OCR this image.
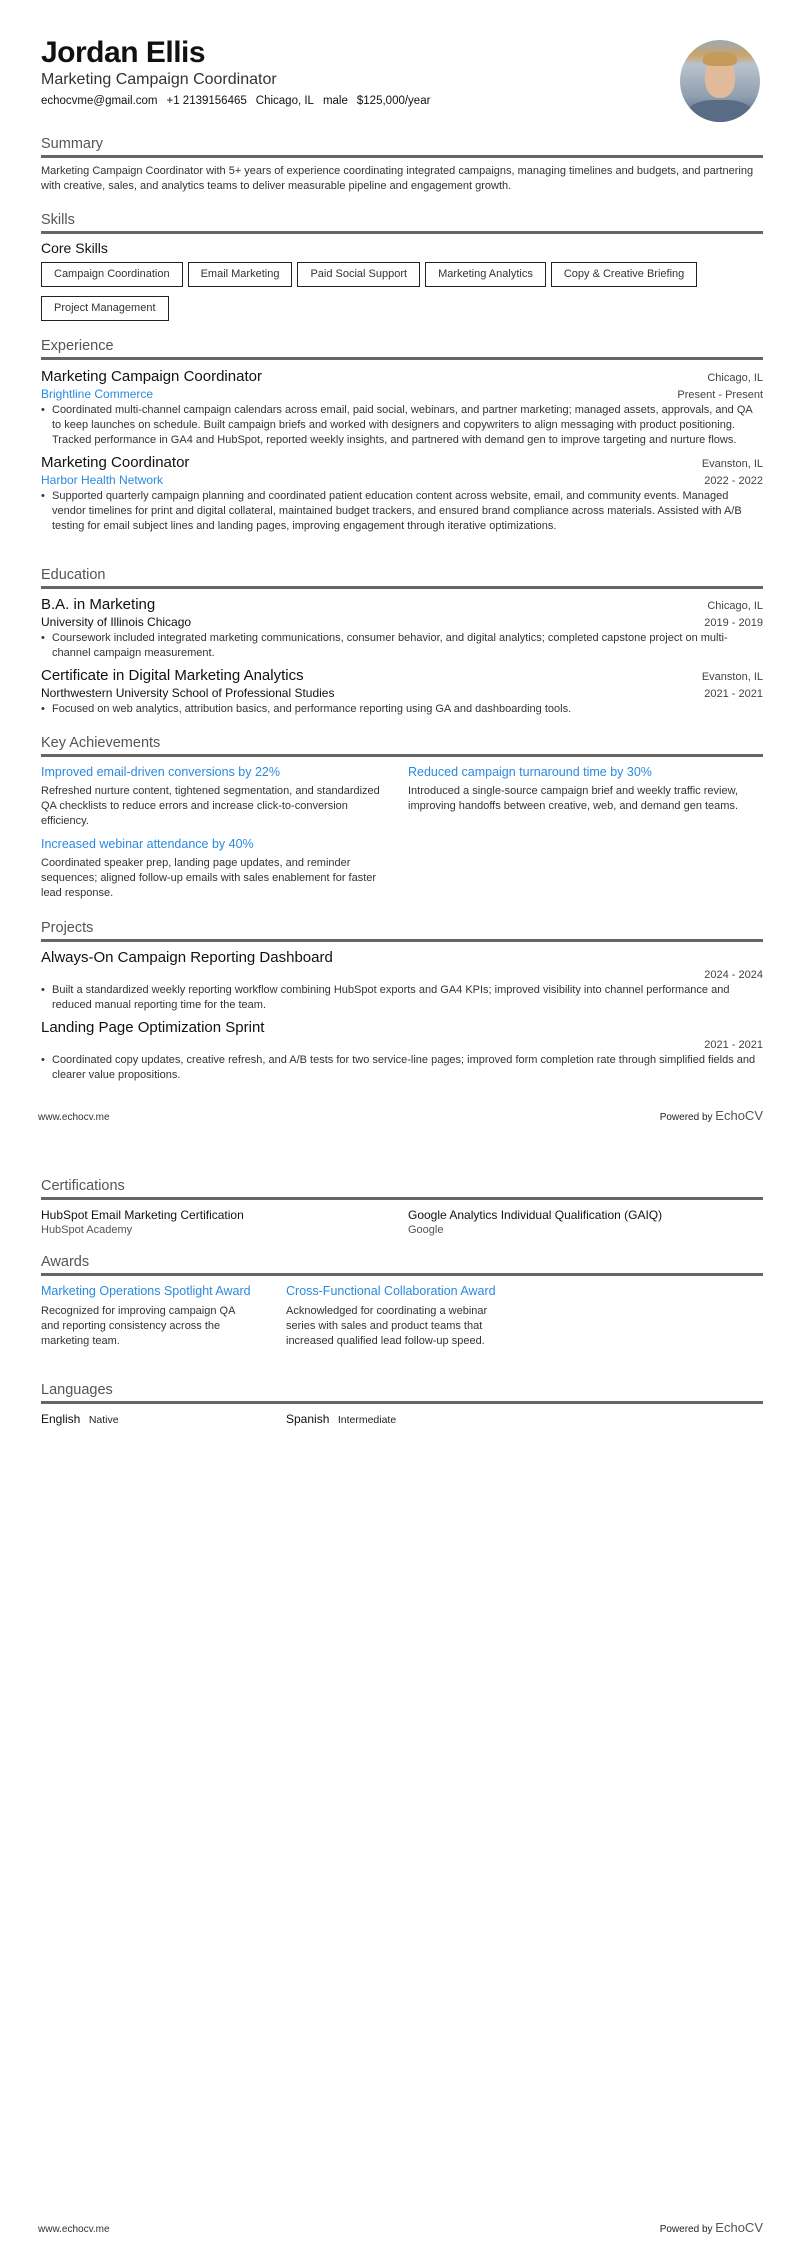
Jordan Ellis
Marketing Campaign Coordinator
echocvme@gmail.com +1 2139156465 Chicago, IL male $125,000/year
Summary
Marketing Campaign Coordinator with 5+ years of experience coordinating integrated campaigns, managing timelines and budgets, and partnering with creative, sales, and analytics teams to deliver measurable pipeline and engagement growth.
Skills
Core Skills
Campaign Coordination	Email Marketing	Paid Social Support	Marketing Analytics	Copy & Creative BriefingProject Management
Experience
Marketing Campaign Coordinator	Chicago, IL
Brightline Commerce	Present - Present
• Coordinated multi-channel campaign calendars across email, paid social, webinars, and partner marketing; managed assets, approvals, and QA to keep launches on schedule. Built campaign briefs and worked with designers and copywriters to align messaging with product positioning. Tracked performance in GA4 and HubSpot, reported weekly insights, and partnered with demand gen to improve targeting and nurture flows.
Marketing Coordinator	Evanston, IL
Harbor Health Network	2022 - 2022
• Supported quarterly campaign planning and coordinated patient education content across website, email, and community events. Managed vendor timelines for print and digital collateral, maintained budget trackers, and ensured brand compliance across materials. Assisted with A/B testing for email subject lines and landing pages, improving engagement through iterative optimizations.
Education
B.A. in Marketing	Chicago, IL
University of Illinois Chicago	2019 - 2019
• Coursework included integrated marketing communications, consumer behavior, and digital analytics; completed capstone project on multi-channel campaign measurement.
Certificate in Digital Marketing Analytics	Evanston, IL
Northwestern University School of Professional Studies	2021 - 2021
• Focused on web analytics, attribution basics, and performance reporting using GA and dashboarding tools.
Key Achievements
Improved email-driven conversions by 22%
Refreshed nurture content, tightened segmentation, and standardized QA checklists to reduce errors and increase click-to-conversion efficiency.
Reduced campaign turnaround time by 30%
Introduced a single-source campaign brief and weekly traffic review, improving handoffs between creative, web, and demand gen teams.
Increased webinar attendance by 40%
Coordinated speaker prep, landing page updates, and reminder sequences; aligned follow-up emails with sales enablement for faster lead response.
Projects
Always-On Campaign Reporting Dashboard
2024 - 2024
• Built a standardized weekly reporting workflow combining HubSpot exports and GA4 KPIs; improved visibility into channel performance and reduced manual reporting time for the team.
Landing Page Optimization Sprint
2021 - 2021
• Coordinated copy updates, creative refresh, and A/B tests for two service-line pages; improved form completion rate through simplified fields and clearer value propositions.
www.echocv.me	Powered by EchoCV
Certifications
HubSpot Email Marketing Certification
HubSpot Academy
Google Analytics Individual Qualification (GAIQ)
Google
Awards
Marketing Operations Spotlight Award
Recognized for improving campaign QA and reporting consistency across the marketing team.
Cross-Functional Collaboration Award
Acknowledged for coordinating a webinar series with sales and product teams that increased qualified lead follow-up speed.
Languages
English Native	Spanish Intermediate
www.echocv.me	Powered by EchoCV
